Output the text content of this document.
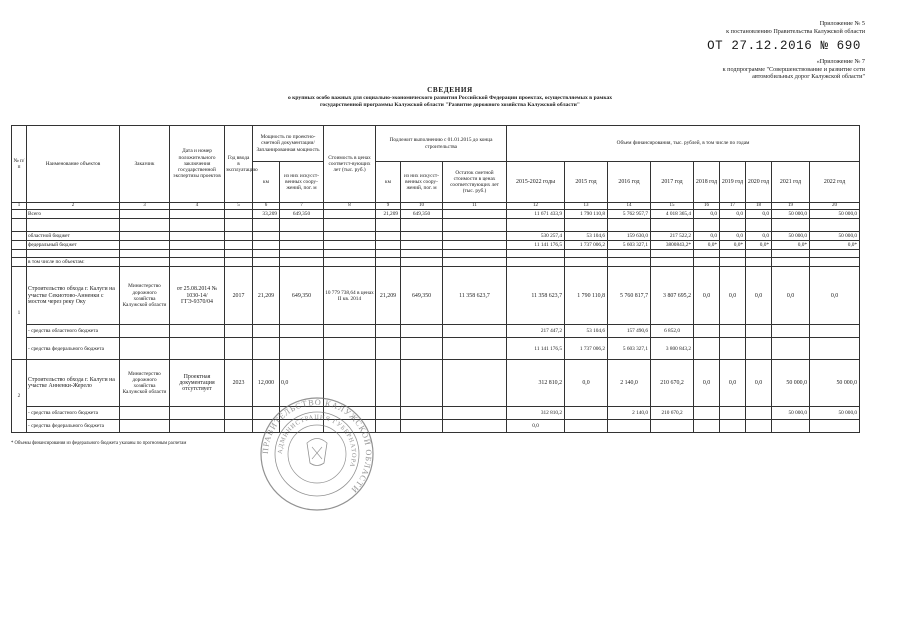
Приложение № 5
к постановлению Правительства Калужской области
ОТ 27.12.2016 № 690
«Приложение № 7
к подпрограмме "Совершенствование и развитие сети
автомобильных дорог Калужской области"
СВЕДЕНИЯ
о крупных особо важных для социально-экономического развития Российской Федерации проектах, осуществляемых в рамках
государственной программы Калужской области "Развитие дорожного хозяйства Калужской области"
№ п/п	Наименование объектов	Заказчик	Дата и номер положительного заключения государственной экспертизы проектов	Год ввода в эксплуатацию	Мощность по проектно-сметной документации/ Запланированная мощность		Стоимость в ценах соответст-вующих лет (тыс. руб.)	Подлежит выполнению с 01.01.2015 до конца строительства			Объем финансирования, тыс. рублей, в том числе по годам								
					км	из них искусст-венных соору-жений, пог. м		км	из них искусст-венных соору-жений, пог. м	Остаток сметной стоимости в ценах соответствующих лет (тыс. руб.)	2015-2022 годы	2015 год	2016 год	2017 год	2018 год	2019 год	2020 год	2021 год	2022 год
1	2	3	4	5	6	7	8	9	10	11	12	13	14	15	16	17	18	19	20
	Всего				33,209	649,350		21,209	649,350		11 671 433,9	1 790 110,8	5 762 957,7	4 018 365,4	0,0	0,0	0,0	50 000,0	50 000,0

	областной бюджет										530 257,4	53 104,6	159 630,0	217 522,2	0,0	0,0	0,0	50 000,0	50 000,0
	федеральный бюджет										11 141 176,5	1 737 006,2	5 603 327,1	3800843,2*	0,0*	0,0*	0,0*	0,0*	0,0*

	в том числе по объектам:																		
1	Строительство обхода г. Калуги на участке Секиотово-Анненки с мостом через реку Оку	Министерство дорожного хозяйства Калужской области	от 25.08.2014 № 1030-14/ГГЭ-9370/04	2017	21,209	649,350	10 779 738,64 в ценах II кв. 2014	21,209	649,350	11 358 623,7	11 358 623,7	1 790 110,8	5 760 817,7	3 807 695,2	0,0	0,0	0,0	0,0	0,0
	- средства областного бюджета										217 447,2	53 104,6	157 490,6	6 852,0					
	- средства федерального бюджета										11 141 176,5	1 737 006,2	5 603 327,1	3 800 843,2					
2	Строительство обхода г. Калуги на участке Анненки-Жерело	Министерство дорожного хозяйства Калужской области	Проектная документация отсутствует	2023	12,000	0,0					312 810,2	0,0	2 140,0	210 670,2	0,0	0,0	0,0	50 000,0	50 000,0
	- средства областного бюджета										312 810,2		2 140,0	210 670,2				50 000,0	50 000,0
	- средства федерального бюджета										0,0								
* Объемы финансирования из федерального бюджета указаны по прогнозным расчетам
ПРАВИТЕЛЬСТВО КАЛУЖСКОЙ ОБЛАСТИ
АДМИНИСТРАЦИЯ ГУБЕРНАТОРА
